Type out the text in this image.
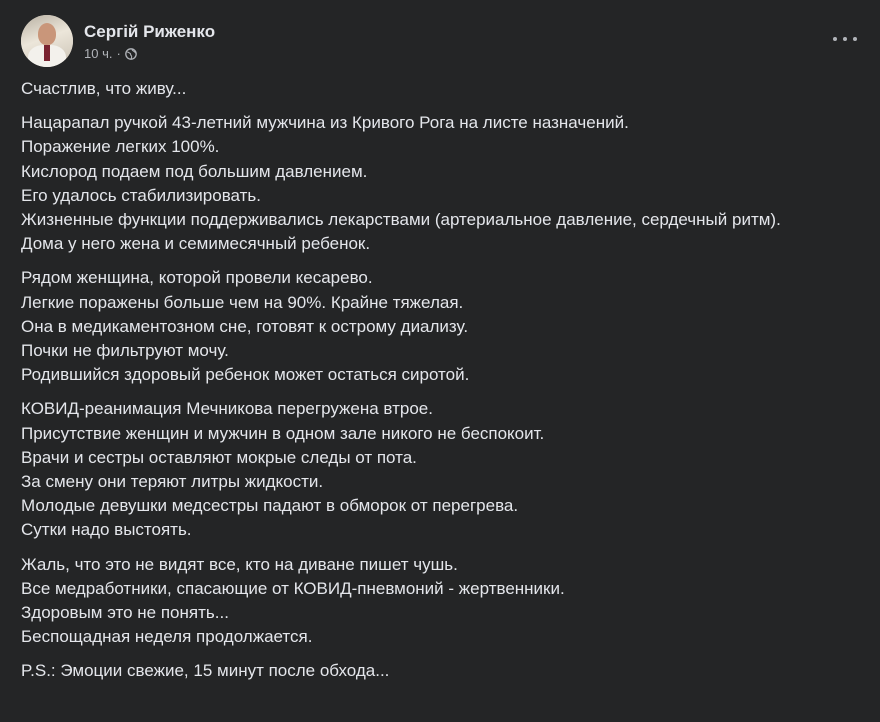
Сергій Риженко
10 ч. ·
Счастлив, что живу...
Нацарапал ручкой 43-летний мужчина из Кривого Рога на листе назначений.
Поражение легких 100%.
Кислород подаем под большим давлением.
Его удалось стабилизировать.
Жизненные функции поддерживались лекарствами (артериальное давление, сердечный ритм).
Дома у него жена и семимесячный ребенок.
Рядом женщина, которой провели кесарево.
Легкие поражены больше чем на 90%. Крайне тяжелая.
Она в медикаментозном сне, готовят к острому диализу.
Почки не фильтруют мочу.
Родившийся здоровый ребенок может остаться сиротой.
КОВИД-реанимация Мечникова перегружена втрое.
Присутствие женщин и мужчин в одном зале никого не беспокоит.
Врачи и сестры оставляют мокрые следы от пота.
За смену они теряют литры жидкости.
Молодые девушки медсестры падают в обморок от перегрева.
Сутки надо выстоять.
Жаль, что это не видят все, кто на диване пишет чушь.
Все медработники, спасающие от КОВИД-пневмоний - жертвенники.
Здоровым это не понять...
Беспощадная неделя продолжается.
P.S.: Эмоции свежие, 15 минут после обхода...
